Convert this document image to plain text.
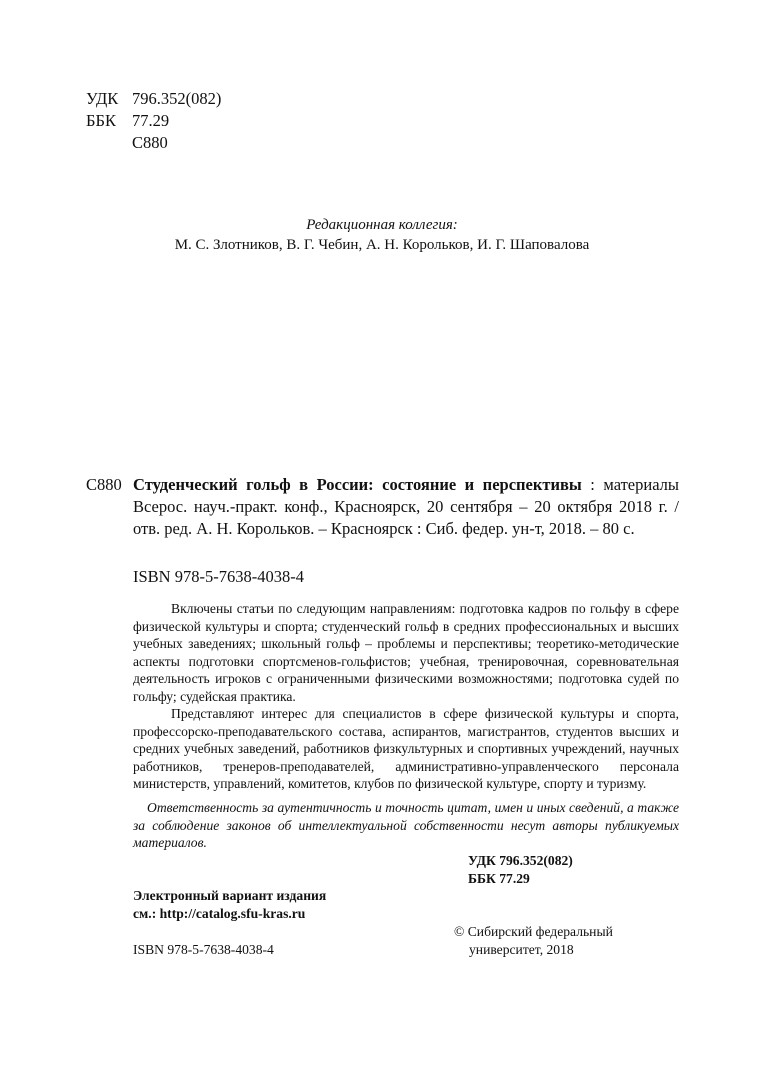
УДК 796.352(082)
ББК 77.29
С880
Редакционная коллегия:
М. С. Злотников, В. Г. Чебин, А. Н. Корольков, И. Г. Шаповалова
С880 Студенческий гольф в России: состояние и перспективы : материалы Всерос. науч.-практ. конф., Красноярск, 20 сентября – 20 октября 2018 г. / отв. ред. А. Н. Корольков. – Красноярск : Сиб. федер. ун-т, 2018. – 80 с.
ISBN 978-5-7638-4038-4

Включены статьи по следующим направлениям: подготовка кадров по гольфу в сфере физической культуры и спорта; студенческий гольф в средних профессиональных и высших учебных заведениях; школьный гольф – проблемы и перспективы; теоретико-методические аспекты подготовки спортсменов-гольфистов; учебная, тренировочная, соревновательная деятельность игроков с ограниченными физическими возможностями; подготовка судей по гольфу; судейская практика.

Представляют интерес для специалистов в сфере физической культуры и спорта, профессорско-преподавательского состава, аспирантов, магистрантов, студентов высших и средних учебных заведений, работников физкультурных и спортивных учреждений, научных работников, тренеров-преподавателей, административно-управленческого персонала министерств, управлений, комитетов, клубов по физической культуре, спорту и туризму.

Ответственность за аутентичность и точность цитат, имен и иных сведений, а также за соблюдение законов об интеллектуальной собственности несут авторы публикуемых материалов.
УДК 796.352(082)
ББК 77.29
Электронный вариант издания
см.: http://catalog.sfu-kras.ru
© Сибирский федеральный
университет, 2018
ISBN 978-5-7638-4038-4
